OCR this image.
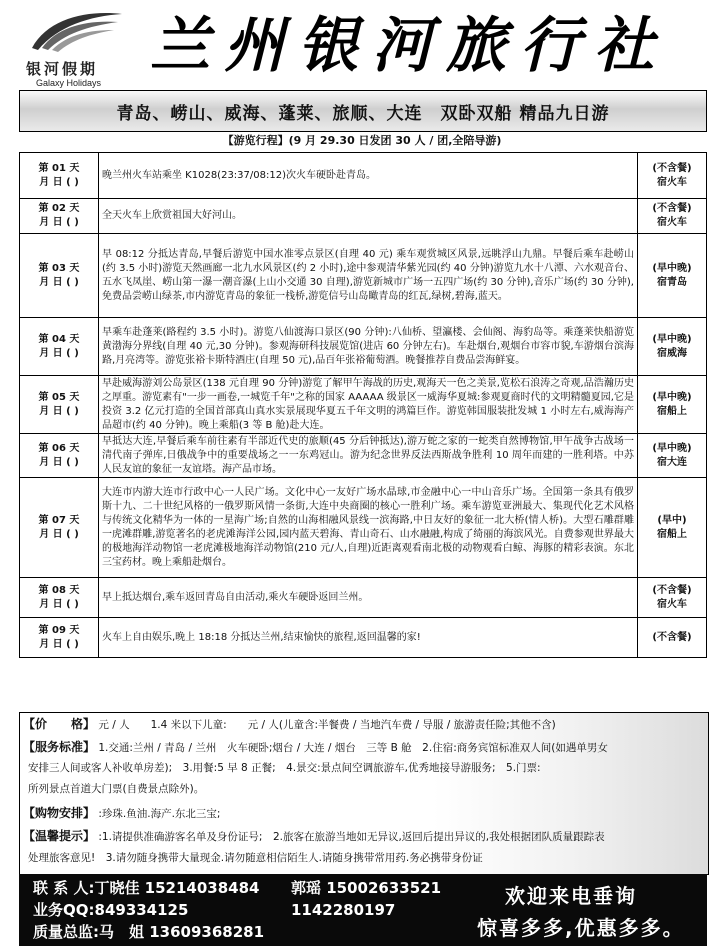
银河假期
Galaxy Holidays
兰州银河旅行社
青岛、崂山、威海、蓬莱、旅顺、大连　双卧双船 精品九日游
【游览行程】(9 月 29.30 日发团 30 人 / 团,全陪导游)
第 01 天
月 日 ( )	晚兰州火车站乘坐 K1028(23:37/08:12)次火车硬卧赴青岛。	(不含餐)
宿火车

第 02 天
月 日 ( )	全天火车上欣赏祖国大好河山。	(不含餐)
宿火车

第 03 天
月 日 ( )	早 08:12 分抵达青岛,早餐后游览中国水准零点景区(自理 40 元) 乘车观赏城区风景,远眺浮山九鼎。早餐后乘车赴崂山(约 3.5 小时)游览天然画廊一北九水风景区(约 2 小时),途中参观清华紫光园(约 40 分钟)游览九水十八潭、六水观音台、五水飞凤崖、崂山第一瀑一潮音瀑(上山小交通 30 自理),游览新城市广场一五四广场(约 30 分钟),音乐广场(约 30 分钟),免费品尝崂山绿茶,市内游览青岛的象征一栈桥,游览信号山岛瞰青岛的红瓦,绿树,碧海,蓝天。	(早中晚)
宿青岛

第 04 天
月 日 ( )	早乘车赴蓬莱(路程约 3.5 小时)。游览八仙渡海口景区(90 分钟):八仙桥、望瀛楼、会仙阁、海豹岛等。乘蓬莱快船游览黄渤海分界线(自理 40 元,30 分钟)。参观海研科技展览馆(进店 60 分钟左右)。车赴烟台,观烟台市容市貌,车游烟台滨海路,月亮湾等。游览张裕卡斯特酒庄(自理 50 元),品百年张裕葡萄酒。晚餐推荐自费品尝海鲜宴。	(早中晚)
宿威海

第 05 天
月 日 ( )	早赴威海游刘公岛景区(138 元自理 90 分钟)游览了解甲午海战的历史,观海天一色之美景,览松石浪涛之奇观,品浩瀚历史之厚重。游览素有"一步一画卷,一城览千年"之称的国家 AAAAA 级景区一威海华夏城:参观夏商时代的文明精髓夏园,它是投资 3.2 亿元打造的全国首部真山真水实景展现华夏五千年文明的鸿篇巨作。游览韩国服装批发城 1 小时左右,威海海产品超市(约 40 分钟)。晚上乘船(3 等 B 舱)赴大连。	(早中晚)
宿船上

第 06 天
月 日 ( )	早抵达大连,早餐后乘车前往素有半部近代史的旅顺(45 分后钟抵达),游万蛇之家的一蛇类自然博物馆,甲午战争古战场一清代南子弹库,日俄战争中的重要战场之一一东鸡冠山。游为纪念世界反法西斯战争胜利 10 周年而建的一胜利塔。中苏人民友谊的象征一友谊塔。海产品市场。	(早中晚)
宿大连

第 07 天
月 日 ( )	大连市内游大连市行政中心一人民广场。文化中心一友好广场水晶球,市金融中心一中山音乐广场。全国第一条具有俄罗斯十九、二十世纪风格的一俄罗斯风情一条街,大连中央商圈的核心一胜利广场。乘车游览亚洲最大、集现代化艺术风格与传统文化精华为一体的一星海广场;自然的山海相融风景线一滨海路,中日友好的象征一北大桥(情人桥)。大型石雕群雕一虎滩群雕,游览著名的老虎滩海洋公园,园内蓝天碧海、青山奇石、山水融融,构成了绮丽的海滨风光。自费参观世界最大的极地海洋动物馆一老虎滩极地海洋动物馆(210 元/人,自理)近距离观看南北极的动物观看白鲸、海豚的精彩表演。东北三宝药材。晚上乘船赴烟台。	(早中)
宿船上

第 08 天
月 日 ( )	早上抵达烟台,乘车返回青岛自由活动,乘火车硬卧返回兰州。	(不含餐)
宿火车

第 09 天
月 日 ( )	火车上自由娱乐,晚上 18:18 分抵达兰州,结束愉快的旅程,返回温馨的家!	(不含餐)
【价　　格】 元 / 人　　1.4 米以下儿童:　　元 / 人(儿童含:半餐费 / 当地汽车费 / 导服 / 旅游责任险;其他不含)
【服务标准】 1.交通:兰州 / 青岛 / 兰州　火车硬卧;烟台 / 大连 / 烟台　三等 B 舱　2.住宿:商务宾馆标准双人间(如遇单男女
安排三人间或客人补收单房差);　3.用餐:5 早 8 正餐;　4.景交:景点间空调旅游车,优秀地接导游服务;　5.门票:
所列景点首道大门票(自费景点除外)。
【购物安排】 :珍珠.鱼油.海产.东北三宝;
【温馨提示】 :1.请提供准确游客名单及身份证号;　2.旅客在旅游当地如无异议,返回后提出异议的,我处根据团队质量跟踪表
处理旅客意见!　3.请勿随身携带大量现金.请勿随意相信陌生人.请随身携带常用药.务必携带身份证
联 系 人:丁晓佳 15214038484 郭瑶 15002633521
业务QQ:849334125	1142280197
质量总监:马　姐 13609368281
欢迎来电垂询
惊喜多多,优惠多多。
